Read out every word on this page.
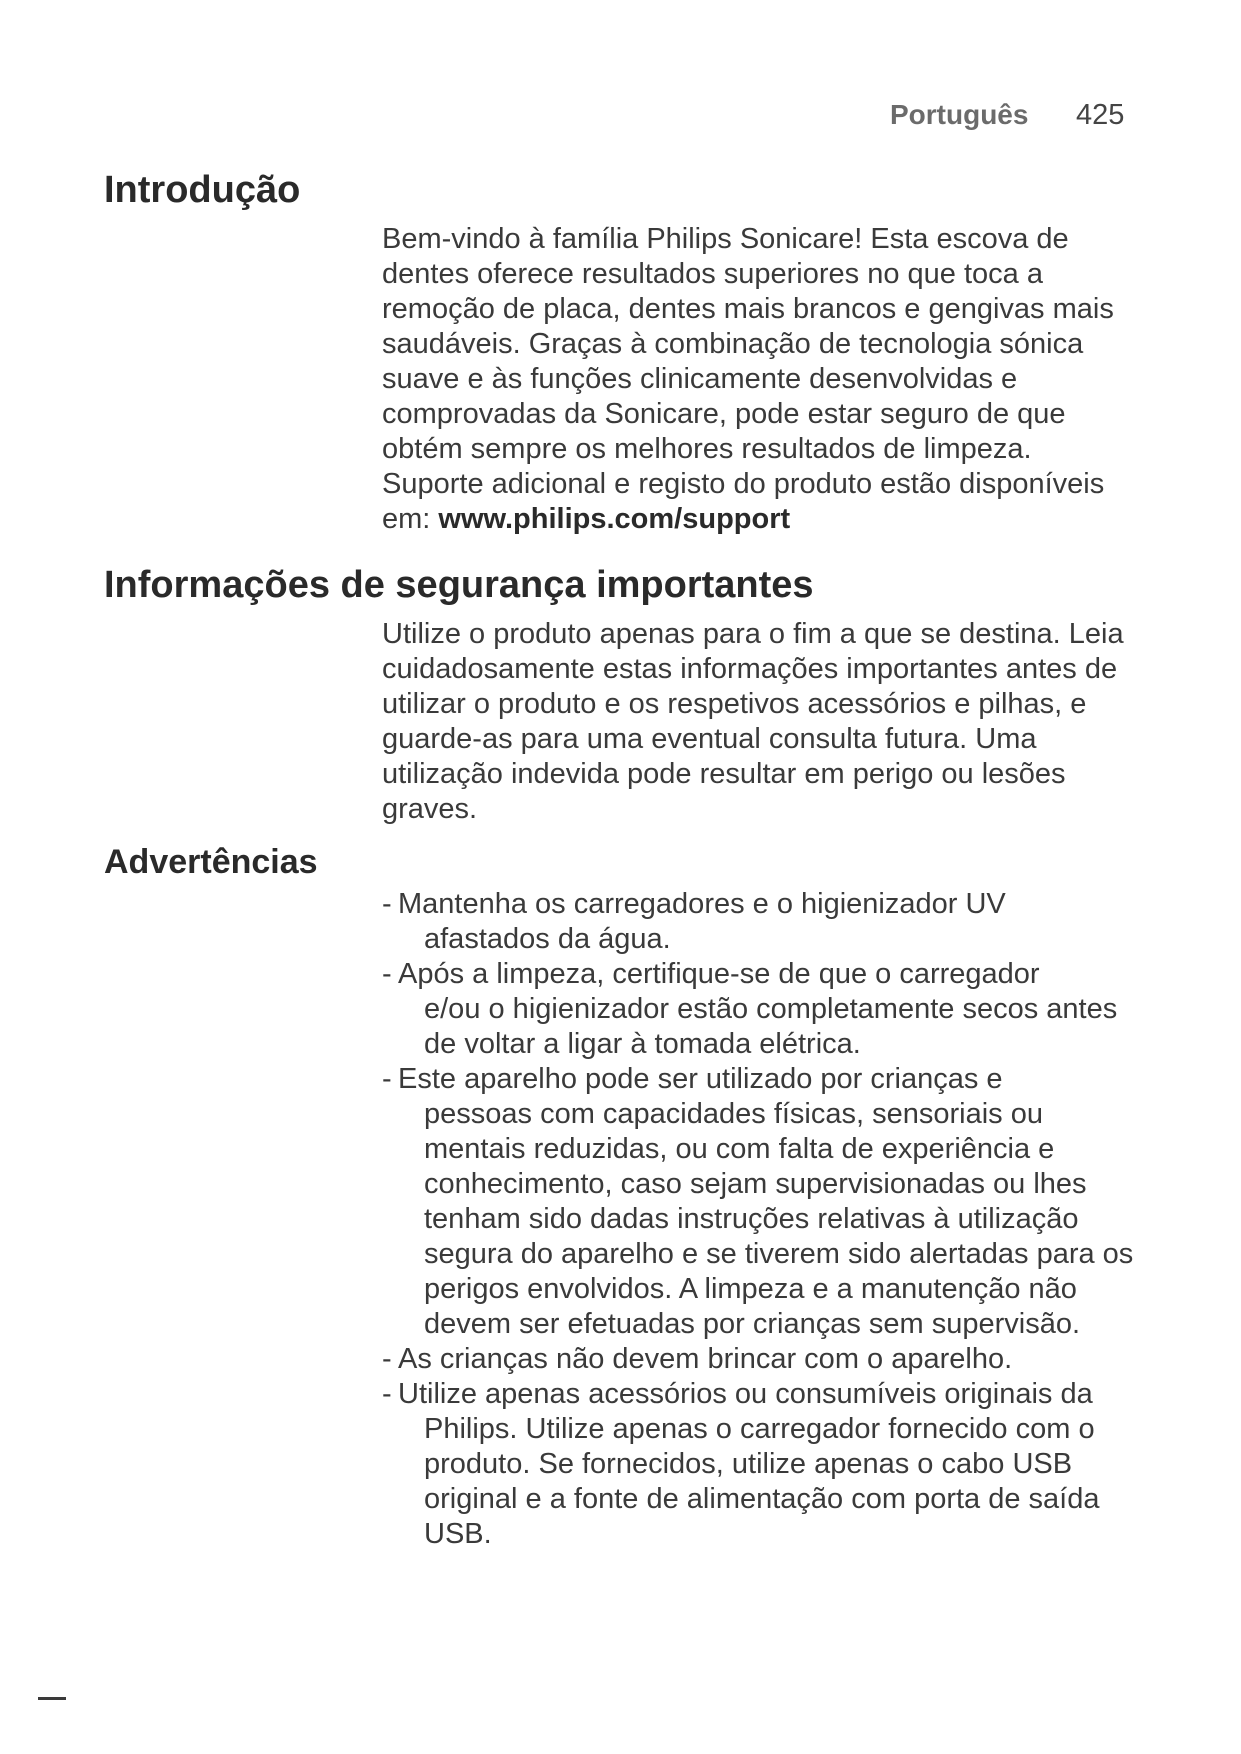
Português 425
Introdução
Bem-vindo à família Philips Sonicare! Esta escova de
dentes oferece resultados superiores no que toca a
remoção de placa, dentes mais brancos e gengivas mais
saudáveis. Graças à combinação de tecnologia sónica
suave e às funções clinicamente desenvolvidas e
comprovadas da Sonicare, pode estar seguro de que
obtém sempre os melhores resultados de limpeza.
Suporte adicional e registo do produto estão disponíveis
em: www.philips.com/support
Informações de segurança importantes
Utilize o produto apenas para o fim a que se destina. Leia
cuidadosamente estas informações importantes antes de
utilizar o produto e os respetivos acessórios e pilhas, e
guarde-as para uma eventual consulta futura. Uma
utilização indevida pode resultar em perigo ou lesões
graves.
Advertências
- Mantenha os carregadores e o higienizador UV
afastados da água.
- Após a limpeza, certifique-se de que o carregador
e/ou o higienizador estão completamente secos antes
de voltar a ligar à tomada elétrica.
- Este aparelho pode ser utilizado por crianças e
pessoas com capacidades físicas, sensoriais ou
mentais reduzidas, ou com falta de experiência e
conhecimento, caso sejam supervisionadas ou lhes
tenham sido dadas instruções relativas à utilização
segura do aparelho e se tiverem sido alertadas para os
perigos envolvidos. A limpeza e a manutenção não
devem ser efetuadas por crianças sem supervisão.
- As crianças não devem brincar com o aparelho.
- Utilize apenas acessórios ou consumíveis originais da
Philips. Utilize apenas o carregador fornecido com o
produto. Se fornecidos, utilize apenas o cabo USB
original e a fonte de alimentação com porta de saída
USB.
